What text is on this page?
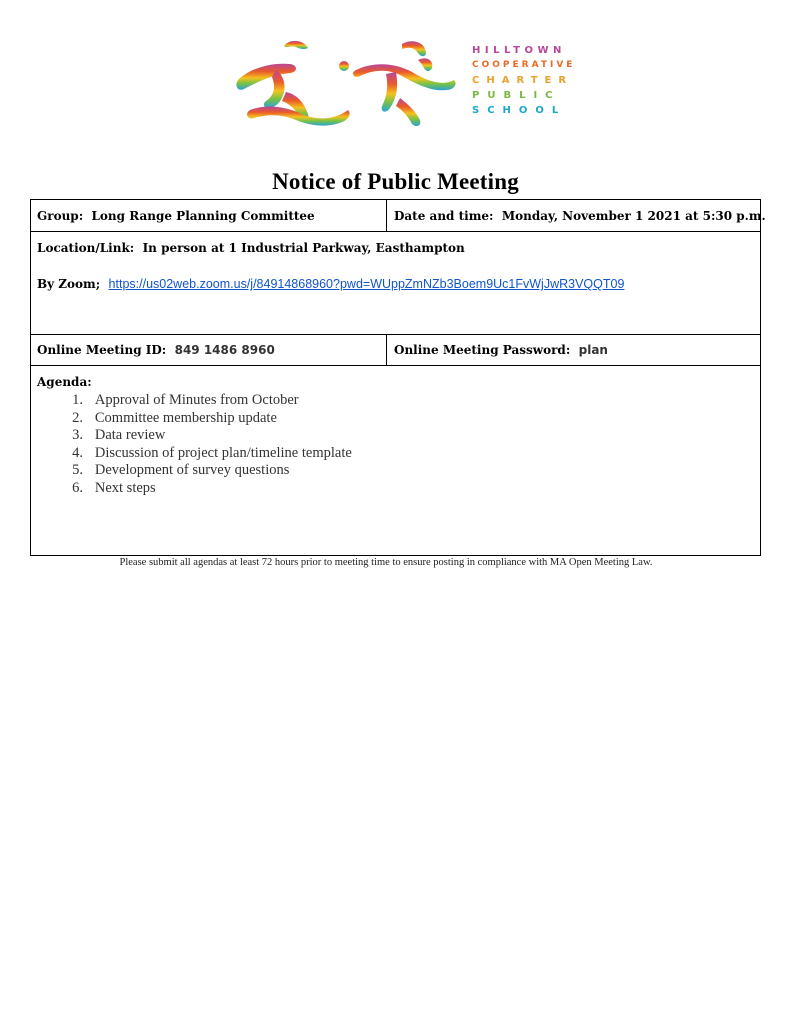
HILLTOWN
COOPERATIVE
CHARTER
PUBLIC
SCHOOL
Notice of Public Meeting
Group: Long Range Planning Committee	Date and time: Monday, November 1 2021 at 5:30 p.m.
Location/Link: In person at 1 Industrial Parkway, Easthampton
By Zoom; https://us02web.zoom.us/j/84914868960?pwd=WUppZmNZb3Boem9Uc1FvWjJwR3VQQT09
Online Meeting ID: 849 1486 8960	Online Meeting Password: plan
Agenda:
1. Approval of Minutes from October
2. Committee membership update
3. Data review
4. Discussion of project plan/timeline template
5. Development of survey questions
6. Next steps
Please submit all agendas at least 72 hours prior to meeting time to ensure posting in compliance with MA Open Meeting Law.
